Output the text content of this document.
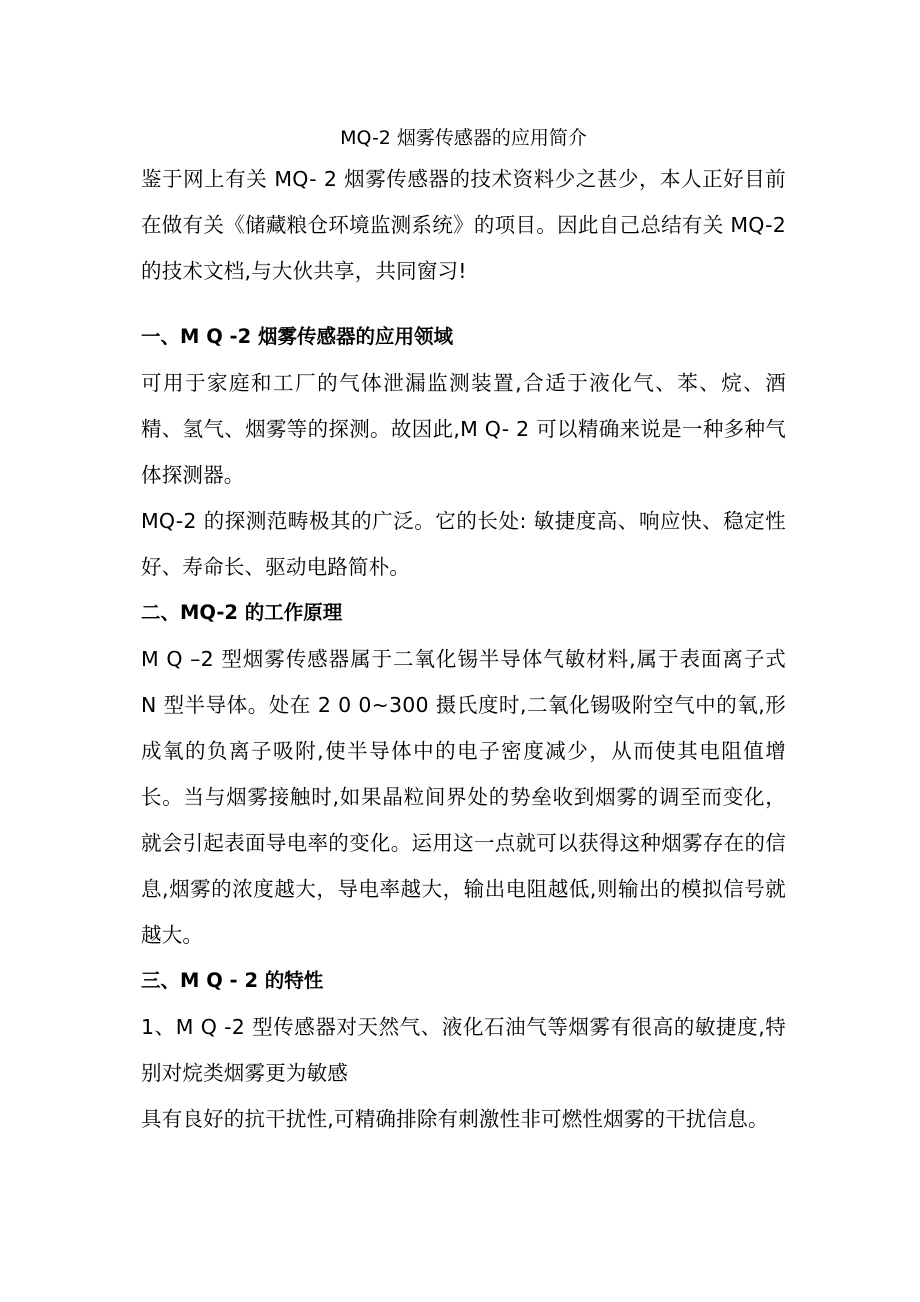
MQ-2 烟雾传感器的应用简介

鉴于网上有关 MQ- 2 烟雾传感器的技术资料少之甚少，本人正好目前在做有关《储藏粮仓环境监测系统》的项目。因此自己总结有关 MQ-2 的技术文档,与大伙共享，共同窗习!

一、M Q -2 烟雾传感器的应用领域

可用于家庭和工厂的气体泄漏监测装置,合适于液化气、苯、烷、酒精、氢气、烟雾等的探测。故因此,M Q- 2 可以精确来说是一种多种气体探测器。

MQ-2 的探测范畴极其的广泛。它的长处: 敏捷度高、响应快、稳定性好、寿命长、驱动电路简朴。

二、MQ-2 的工作原理

M Q –2 型烟雾传感器属于二氧化锡半导体气敏材料,属于表面离子式 N 型半导体。处在 2 0 0~300 摄氏度时,二氧化锡吸附空气中的氧,形成氧的负离子吸附,使半导体中的电子密度减少，从而使其电阻值增长。当与烟雾接触时,如果晶粒间界处的势垒收到烟雾的调至而变化，就会引起表面导电率的变化。运用这一点就可以获得这种烟雾存在的信息,烟雾的浓度越大，导电率越大，输出电阻越低,则输出的模拟信号就越大。

三、M Q - 2 的特性

1、M Q -2 型传感器对天然气、液化石油气等烟雾有很高的敏捷度,特别对烷类烟雾更为敏感

具有良好的抗干扰性,可精确排除有刺激性非可燃性烟雾的干扰信息。
